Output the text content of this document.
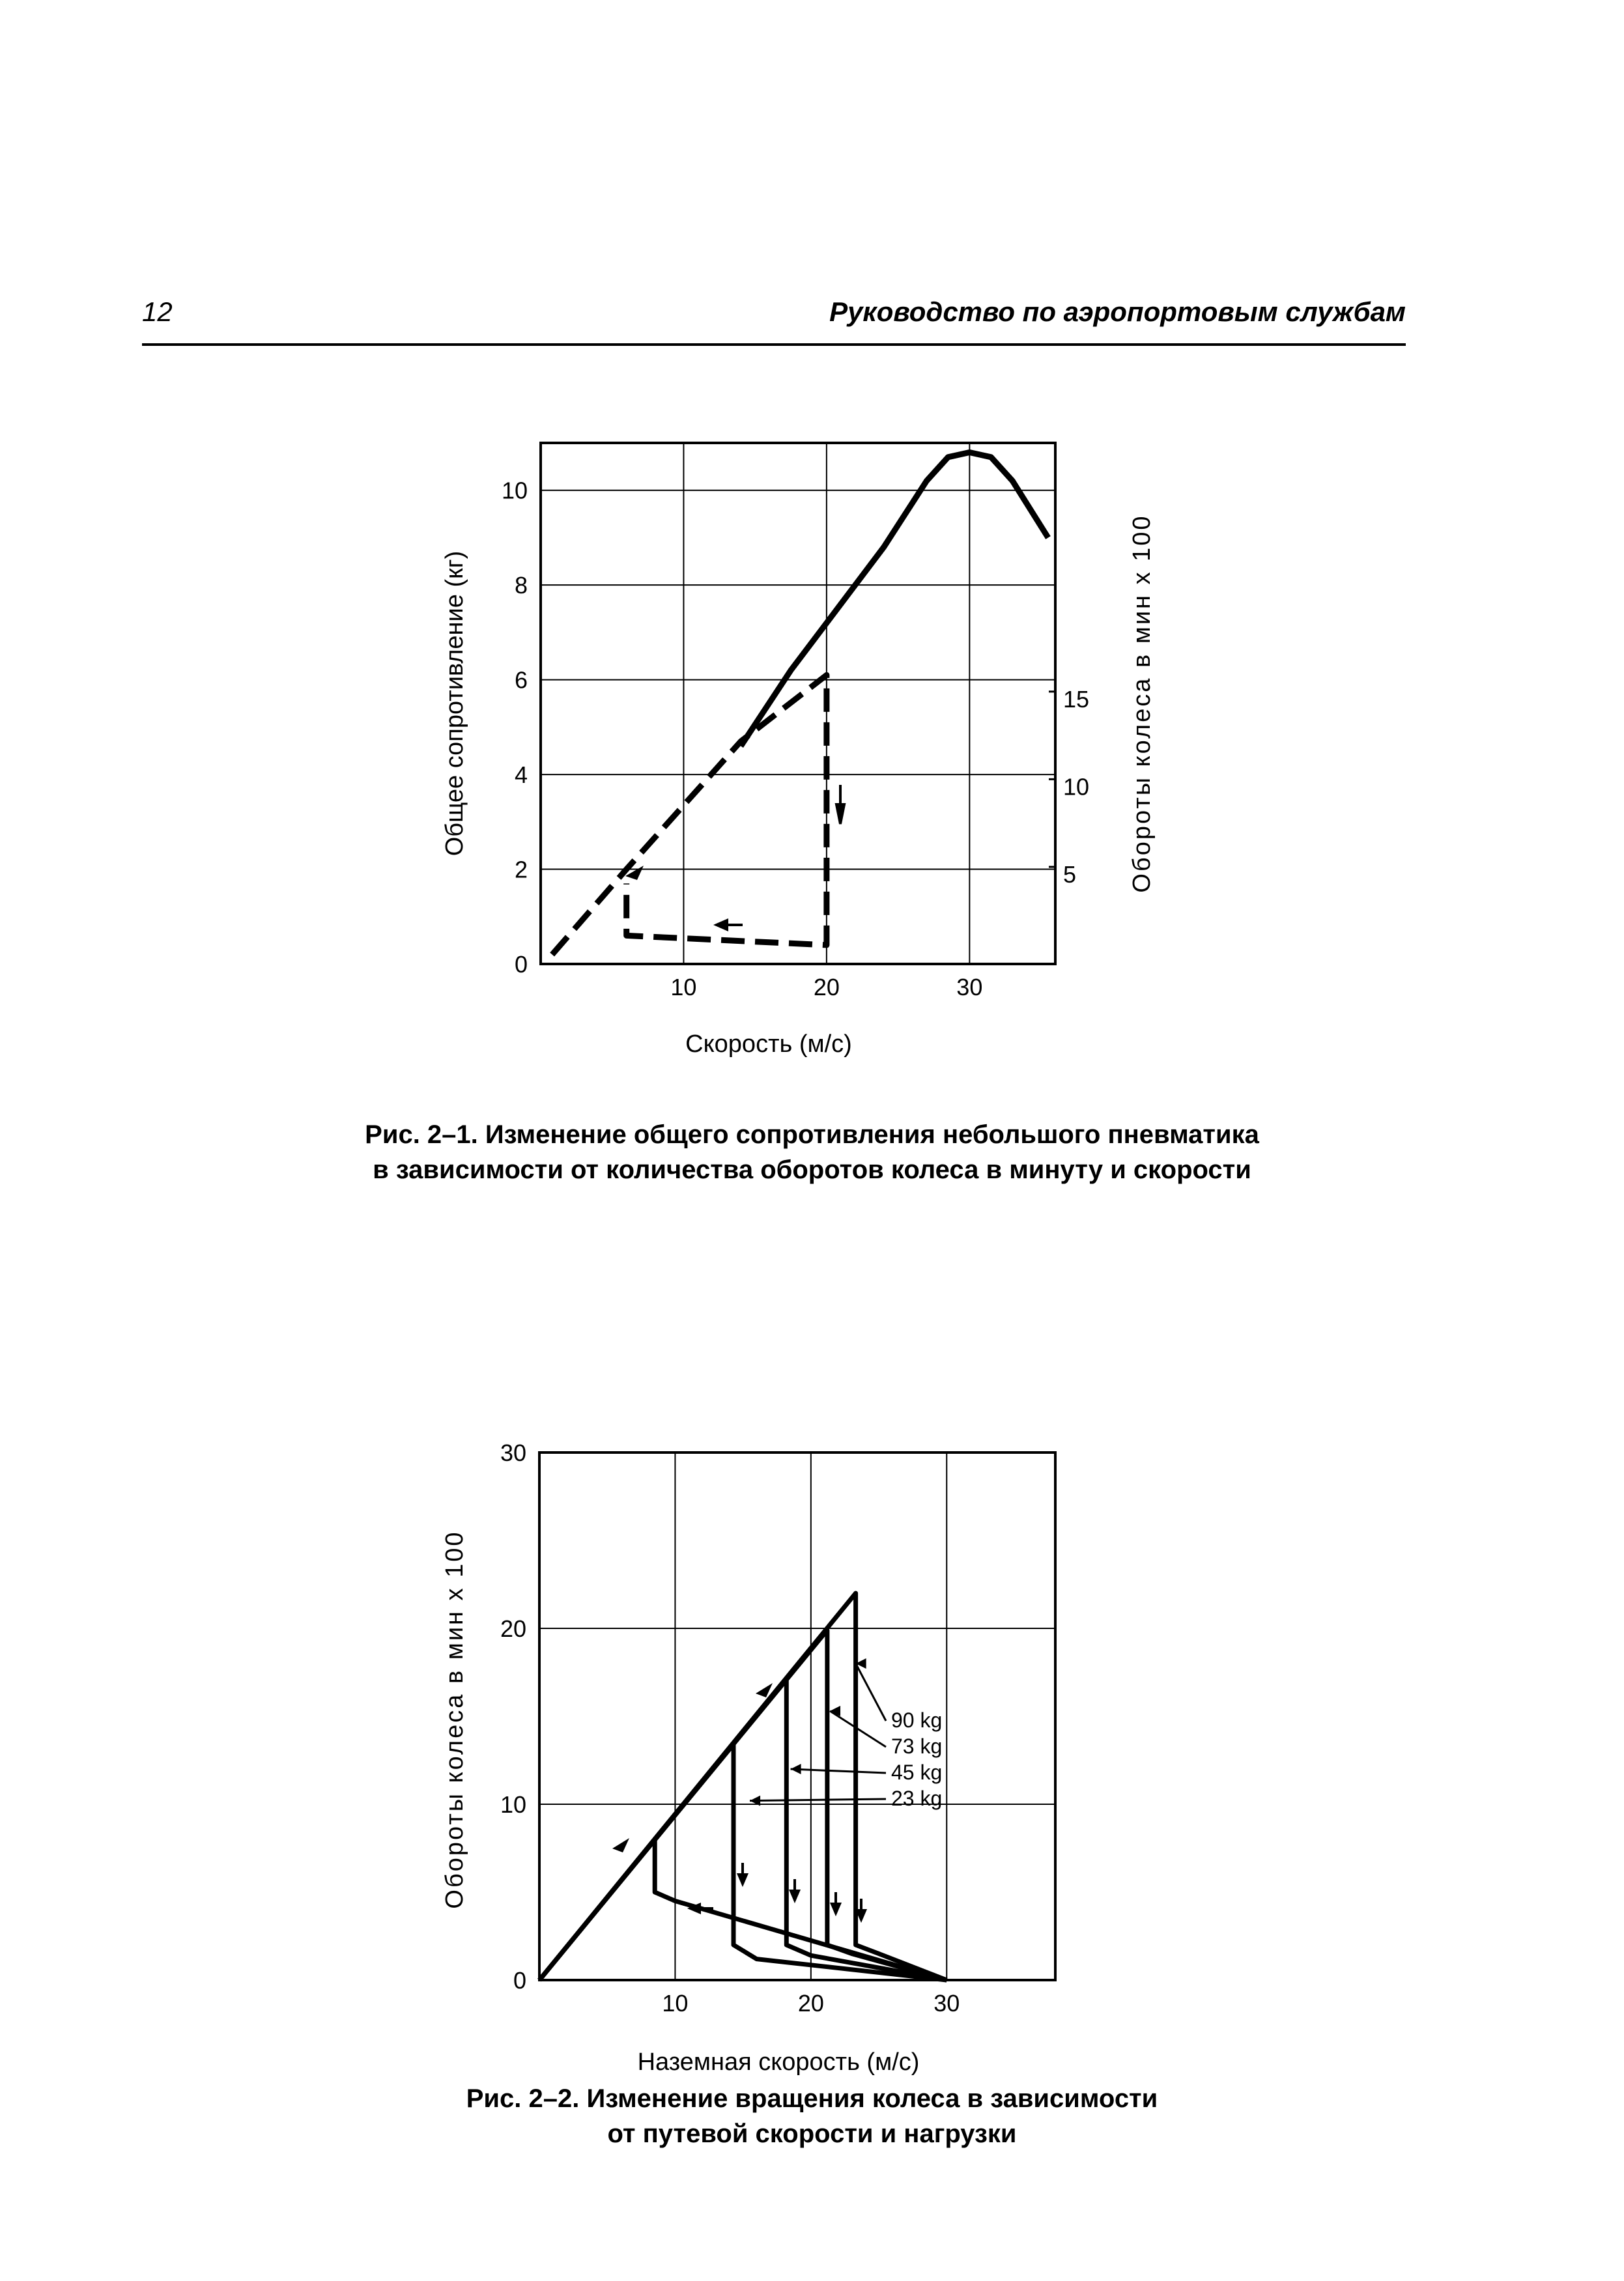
12	Руководство по аэропортовым службам
10	20	30
0
2
4
6
8
10
5
10
15
Скорость (м/с)
Общее сопротивление (кг)	Обороты колеса в мин х 100
Рис. 2–1. Изменение общего сопротивления небольшого пневматика
в зависимости от количества оборотов колеса в минуту и скорости
10	20	30
0
10
20
30
90 kg
73 kg
45 kg
23 kg
Наземная скорость (м/с)
Обороты колеса в мин х 100
Рис. 2–2. Изменение вращения колеса в зависимости
от путевой скорости и нагрузки
